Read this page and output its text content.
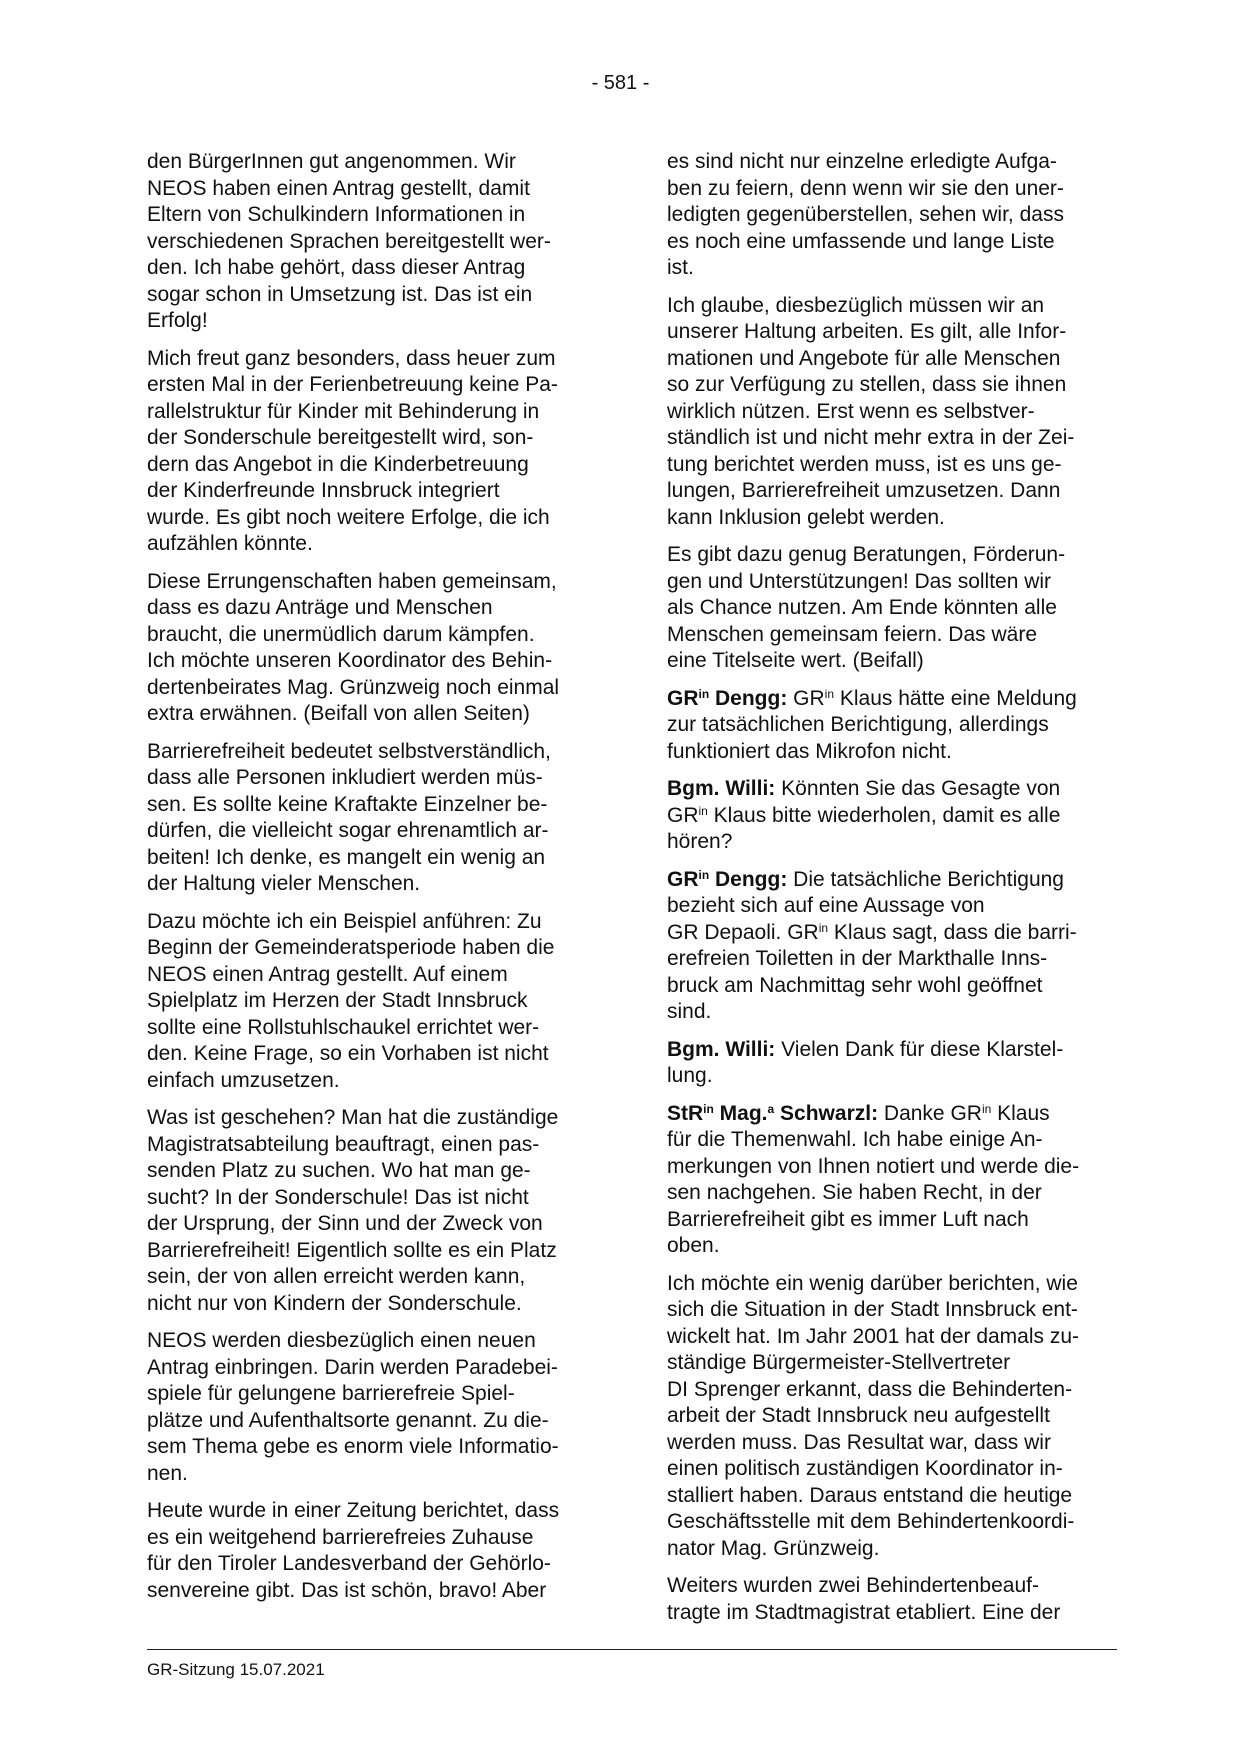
- 581 -

den BürgerInnen gut angenommen. Wir
NEOS haben einen Antrag gestellt, damit
Eltern von Schulkindern Informationen in
verschiedenen Sprachen bereitgestellt wer-
den. Ich habe gehört, dass dieser Antrag
sogar schon in Umsetzung ist. Das ist ein
Erfolg!

Mich freut ganz besonders, dass heuer zum
ersten Mal in der Ferienbetreuung keine Pa-
rallelstruktur für Kinder mit Behinderung in
der Sonderschule bereitgestellt wird, son-
dern das Angebot in die Kinderbetreuung
der Kinderfreunde Innsbruck integriert
wurde. Es gibt noch weitere Erfolge, die ich
aufzählen könnte.

Diese Errungenschaften haben gemeinsam,
dass es dazu Anträge und Menschen
braucht, die unermüdlich darum kämpfen.
Ich möchte unseren Koordinator des Behin-
dertenbeirates Mag. Grünzweig noch einmal
extra erwähnen. (Beifall von allen Seiten)

Barrierefreiheit bedeutet selbstverständlich,
dass alle Personen inkludiert werden müs-
sen. Es sollte keine Kraftakte Einzelner be-
dürfen, die vielleicht sogar ehrenamtlich ar-
beiten! Ich denke, es mangelt ein wenig an
der Haltung vieler Menschen.

Dazu möchte ich ein Beispiel anführen: Zu
Beginn der Gemeinderatsperiode haben die
NEOS einen Antrag gestellt. Auf einem
Spielplatz im Herzen der Stadt Innsbruck
sollte eine Rollstuhlschaukel errichtet wer-
den. Keine Frage, so ein Vorhaben ist nicht
einfach umzusetzen.

Was ist geschehen? Man hat die zuständige
Magistratsabteilung beauftragt, einen pas-
senden Platz zu suchen. Wo hat man ge-
sucht? In der Sonderschule! Das ist nicht
der Ursprung, der Sinn und der Zweck von
Barrierefreiheit! Eigentlich sollte es ein Platz
sein, der von allen erreicht werden kann,
nicht nur von Kindern der Sonderschule.

NEOS werden diesbezüglich einen neuen
Antrag einbringen. Darin werden Paradebei-
spiele für gelungene barrierefreie Spiel-
plätze und Aufenthaltsorte genannt. Zu die-
sem Thema gebe es enorm viele Informatio-
nen.

Heute wurde in einer Zeitung berichtet, dass
es ein weitgehend barrierefreies Zuhause
für den Tiroler Landesverband der Gehörlo-
senvereine gibt. Das ist schön, bravo! Aber

es sind nicht nur einzelne erledigte Aufga-
ben zu feiern, denn wenn wir sie den uner-
ledigten gegenüberstellen, sehen wir, dass
es noch eine umfassende und lange Liste
ist.

Ich glaube, diesbezüglich müssen wir an
unserer Haltung arbeiten. Es gilt, alle Infor-
mationen und Angebote für alle Menschen
so zur Verfügung zu stellen, dass sie ihnen
wirklich nützen. Erst wenn es selbstver-
ständlich ist und nicht mehr extra in der Zei-
tung berichtet werden muss, ist es uns ge-
lungen, Barrierefreiheit umzusetzen. Dann
kann Inklusion gelebt werden.

Es gibt dazu genug Beratungen, Förderun-
gen und Unterstützungen! Das sollten wir
als Chance nutzen. Am Ende könnten alle
Menschen gemeinsam feiern. Das wäre
eine Titelseite wert. (Beifall)

$GR^{in}$ Dengg: $GR^{in}$ Klaus hätte eine Meldung
zur tatsächlichen Berichtigung, allerdings
funktioniert das Mikrofon nicht.

Bgm. Willi: Könnten Sie das Gesagte von
$GR^{in}$ Klaus bitte wiederholen, damit es alle
hören?

$GR^{in}$ Dengg: Die tatsächliche Berichtigung
bezieht sich auf eine Aussage von
GR Depaoli. $GR^{in}$ Klaus sagt, dass die barri-
erefreien Toiletten in der Markthalle Inns-
bruck am Nachmittag sehr wohl geöffnet
sind.

Bgm. Willi: Vielen Dank für diese Klarstel-
lung.

StR$^{in}$ Mag.$^a$ Schwarzl: Danke $GR^{in}$ Klaus
für die Themenwahl. Ich habe einige An-
merkungen von Ihnen notiert und werde die-
sen nachgehen. Sie haben Recht, in der
Barrierefreiheit gibt es immer Luft nach
oben.

Ich möchte ein wenig darüber berichten, wie
sich die Situation in der Stadt Innsbruck ent-
wickelt hat. Im Jahr 2001 hat der damals zu-
ständige Bürgermeister-Stellvertreter
DI Sprenger erkannt, dass die Behinderten-
arbeit der Stadt Innsbruck neu aufgestellt
werden muss. Das Resultat war, dass wir
einen politisch zuständigen Koordinator in-
stalliert haben. Daraus entstand die heutige
Geschäftsstelle mit dem Behindertenkoordi-
nator Mag. Grünzweig.

Weiters wurden zwei Behindertenbeauf-
tragte im Stadtmagistrat etabliert. Eine der

GR-Sitzung 15.07.2021
